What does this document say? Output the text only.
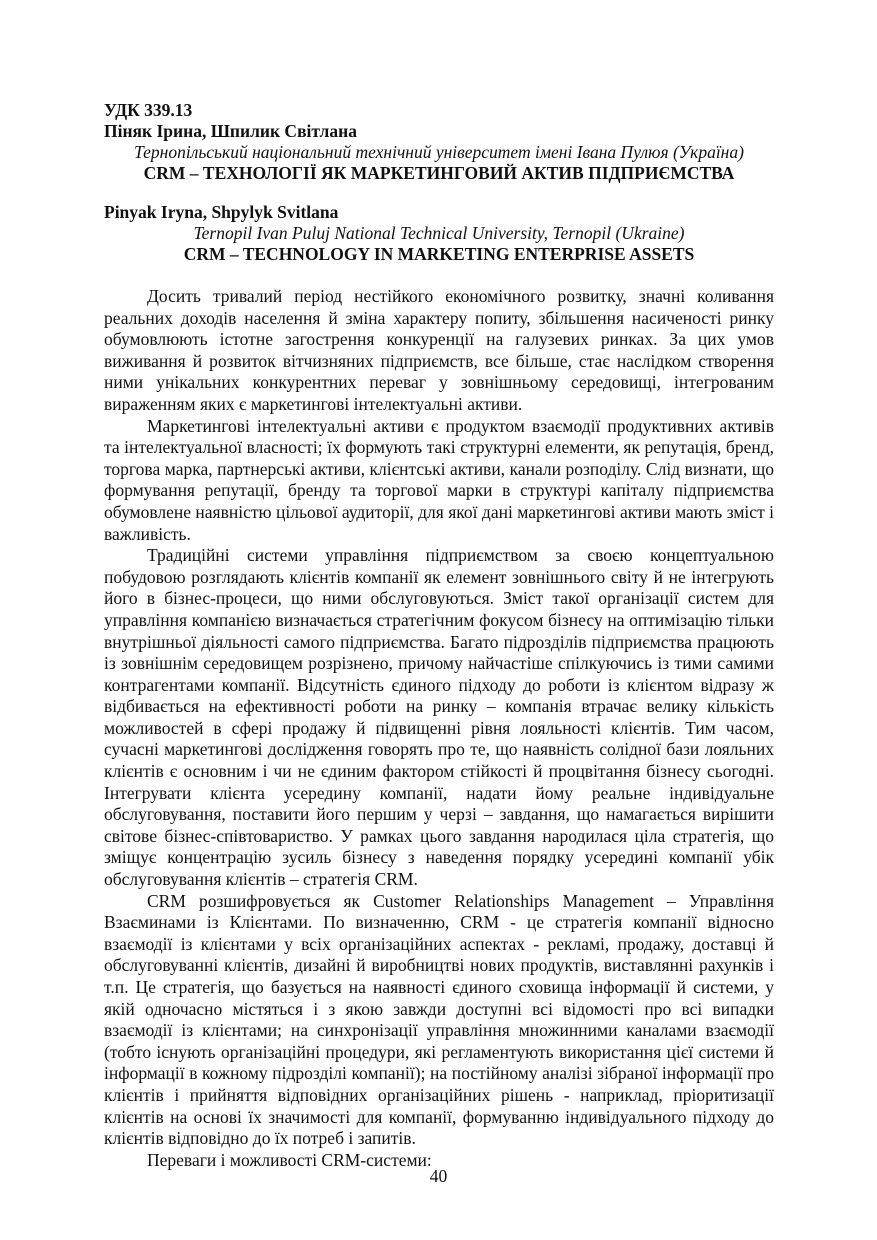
УДК 339.13

Піняк Ірина, Шпилик Світлана

Тернопільський національний технічний університет імені Івана Пулюя (Україна)

CRM – ТЕХНОЛОГІЇ ЯК МАРКЕТИНГОВИЙ АКТИВ ПІДПРИЄМСТВА

Pinyak Iryna, Shpylyk Svitlana

Ternopil Ivan Puluj National Technical University, Ternopil (Ukraine)

CRM – TECHNOLOGY IN MARKETING ENTERPRISE ASSETS

Досить тривалий період нестійкого економічного розвитку, значні коливання реальних доходів населення й зміна характеру попиту, збільшення насиченості ринку обумовлюють істотне загострення конкуренції на галузевих ринках. За цих умов виживання й розвиток вітчизняних підприємств, все більше, стає наслідком створення ними унікальних конкурентних переваг у зовнішньому середовищі, інтегрованим вираженням яких є маркетингові інтелектуальні активи.

Маркетингові інтелектуальні активи є продуктом взаємодії продуктивних активів та інтелектуальної власності; їх формують такі структурні елементи, як репутація, бренд, торгова марка, партнерські активи, клієнтські активи, канали розподілу. Слід визнати, що формування репутації, бренду та торгової марки в структурі капіталу підприємства обумовлене наявністю цільової аудиторії, для якої дані маркетингові активи мають зміст і важливість.

Традиційні системи управління підприємством за своєю концептуальною побудовою розглядають клієнтів компанії як елемент зовнішнього світу й не інтегрують його в бізнес-процеси, що ними обслуговуються. Зміст такої організації систем для управління компанією визначається стратегічним фокусом бізнесу на оптимізацію тільки внутрішньої діяльності самого підприємства. Багато підрозділів підприємства працюють із зовнішнім середовищем розрізнено, причому найчастіше спілкуючись із тими самими контрагентами компанії. Відсутність єдиного підходу до роботи із клієнтом відразу ж відбивається на ефективності роботи на ринку – компанія втрачає велику кількість можливостей в сфері продажу й підвищенні рівня лояльності клієнтів. Тим часом, сучасні маркетингові дослідження говорять про те, що наявність солідної бази лояльних клієнтів є основним і чи не єдиним фактором стійкості й процвітання бізнесу сьогодні. Інтегрувати клієнта усередину компанії, надати йому реальне індивідуальне обслуговування, поставити його першим у черзі – завдання, що намагається вирішити світове бізнес-співтовариство. У рамках цього завдання народилася ціла стратегія, що зміщує концентрацію зусиль бізнесу з наведення порядку усередині компанії убік обслуговування клієнтів – стратегія CRM.

CRM розшифровується як Customer Relationships Management – Управління Взаєминами із Клієнтами. По визначенню, CRM - це стратегія компанії відносно взаємодії із клієнтами у всіх організаційних аспектах - рекламі, продажу, доставці й обслуговуванні клієнтів, дизайні й виробництві нових продуктів, виставлянні рахунків і т.п. Це стратегія, що базується на наявності єдиного сховища інформації й системи, у якій одночасно містяться і з якою завжди доступні всі відомості про всі випадки взаємодії із клієнтами; на синхронізації управління множинними каналами взаємодії (тобто існують організаційні процедури, які регламентують використання цієї системи й інформації в кожному підрозділі компанії); на постійному аналізі зібраної інформації про клієнтів і прийняття відповідних організаційних рішень - наприклад, пріоритизації клієнтів на основі їх значимості для компанії, формуванню індивідуального підходу до клієнтів відповідно до їх потреб і запитів.

Переваги і можливості CRM-системи:

40
